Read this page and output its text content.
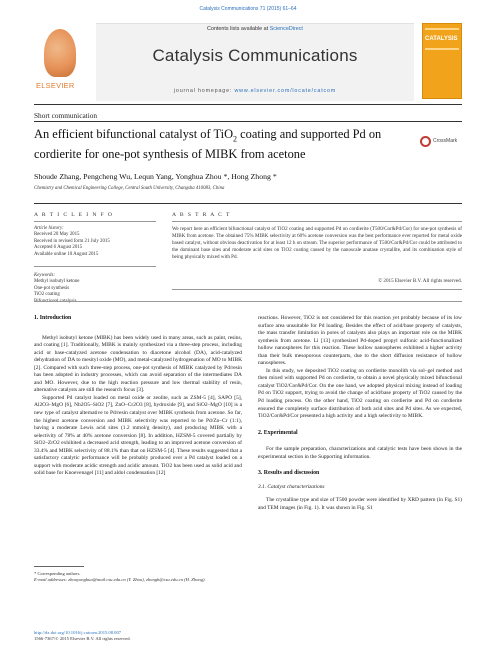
Catalysis Communications 71 (2015) 61–64
ELSEVIER
Contents lists available at ScienceDirect
Catalysis Communications
journal homepage: www.elsevier.com/locate/catcom
CATALYSIS
Short communication
An efficient bifunctional catalyst of TiO$_2$ coating and supported Pd on cordierite for one-pot synthesis of MIBK from acetone
CrossMark
Shoude Zhang, Pengcheng Wu, Lequn Yang, Yonghua Zhou *, Hong Zhong *
Chemistry and Chemical Engineering College, Central South University, Changsha 410083, China
A R T I C L E I N F O	A B S T R A C T
Article history:
Received 20 May 2015
Received in revised form 21 July 2015
Accepted 6 August 2015
Available online 10 August 2015
Keywords:
Methyl isobutyl ketone
One-pot synthesis
TiO2 coating
We report here an efficient bifunctional catalyst of TiO2 coating and supported Pd on cordierite (T500/Cor&Pd/Cor) for one-pot synthesis of MIBK from acetone. The obtained 75% MIBK selectivity at 60% acetone conversion was the best performance ever reported for metal oxide based catalyst, without obvious deactivation for at least 12 h on stream. The superior performance of T500/Cor&Pd/Cor could be attributed to the dominant base sites and moderate acid sites on TiO2 coating caused by the nanoscale anatase crystallite, and its combination style of being physically mixed with Pd.
© 2015 Elsevier B.V. All rights reserved.
1. Introduction

Methyl isobutyl ketone (MIBK) has been widely used in many areas, such as paint, resins, and coating [1]. Traditionally, MIBK is mainly synthesized via a three-step process, including acid or base-catalyzed acetone condensation to diacetone alcohol (DA), acid-catalyzed dehydration of DA to mesityl oxide (MO), and metal-catalyzed hydrogenation of MO to MIBK [2]. Compared with such three-step process, one-pot synthesis of MIBK catalyzed by Pd/resin has been adopted in industry processes, which can avoid separation of the intermediates DA and MO. However, due to the high reaction pressure and low thermal stability of resin, alternative catalysts are still the research focus [3].

Supported Pd catalyst loaded on metal oxide or zeolite, such as ZSM-5 [4], SAPO [5], Al2O3–MgO [6], Nb2O5–SiO2 [7], ZnO–Cr2O3 [8], hydroxide [9], and SiO2–MgO [10] is a new type of catalyst alternative to Pd/resin catalyst over MIBK synthesis from acetone. So far, the highest acetone conversion and MIBK selectivity was reported to be Pd/Zn–Cr (1:1), having a moderate Lewis acid sites (1.2 mmol/g density), and producing MIBK with a selectivity of 78% at 40% acetone conversion [8]. In addition, HZSM-5 covered partially by SiO2–ZrO2 exhibited a decreased acid strength, leading to an improved acetone conversion of 33.4% and MIBK selectivity of 88.1% than that on HZSM-5 [4]. These results suggested that a satisfactory catalytic performance will be probably produced over a Pd catalyst loaded on a support with moderate acidic strength and acidic amount. TiO2 has been used as solid acid and solid base for Knoevenagel [11] and aldol condensation [12]

reactions. However, TiO2 is not considered for this reaction yet probably because of its low surface area unsuitable for Pd loading. Besides the effect of acid/base property of catalysts, the mass transfer limitation in pores of catalysts also plays an important role on the MIBK synthesis from acetone. Li [13] synthesized Pd-doped propyl sulfonic acid-functionalized hollow nanospheres for this reaction. These hollow nanospheres exhibited a higher activity than their bulk mesoporous counterparts, due to the short diffusion resistance of hollow nanospheres.

In this study, we deposited TiO2 coating on cordierite monolith via sol–gel method and then mixed with supported Pd on cordierite, to obtain a novel physically mixed bifunctional catalyst TiO2/Cor&Pd/Cor. On the one hand, we adopted physical mixing instead of loading Pd on TiO2 support, trying to avoid the change of acid/base property of TiO2 caused by the Pd loading process. On the other hand, TiO2 coating on cordierite and Pd on cordierite ensured the completely surface distribution of both acid sites and Pd sites. As we expected, TiO2/Cor&Pd/Cor presented a high activity and a high selectivity to MIBK.

2. Experimental

For the sample preparation, characterizations and catalytic tests have been shown in the experimental section in the Supporting information.

3. Results and discussion
3.1. Catalyst characterizations

The crystalline type and size of T500 powder were identified by XRD pattern (in Fig. S1) and TEM images (in Fig. 1). It was shown in Fig. S1

* Corresponding authors.
E-mail addresses: zhouyonghua@mail.csu.edu.cn (Y. Zhou), zhongh@csu.edu.cn (H. Zhong).
http://dx.doi.org/10.1016/j.catcom.2015.08.007
1566-7367/© 2015 Elsevier B.V. All rights reserved.
